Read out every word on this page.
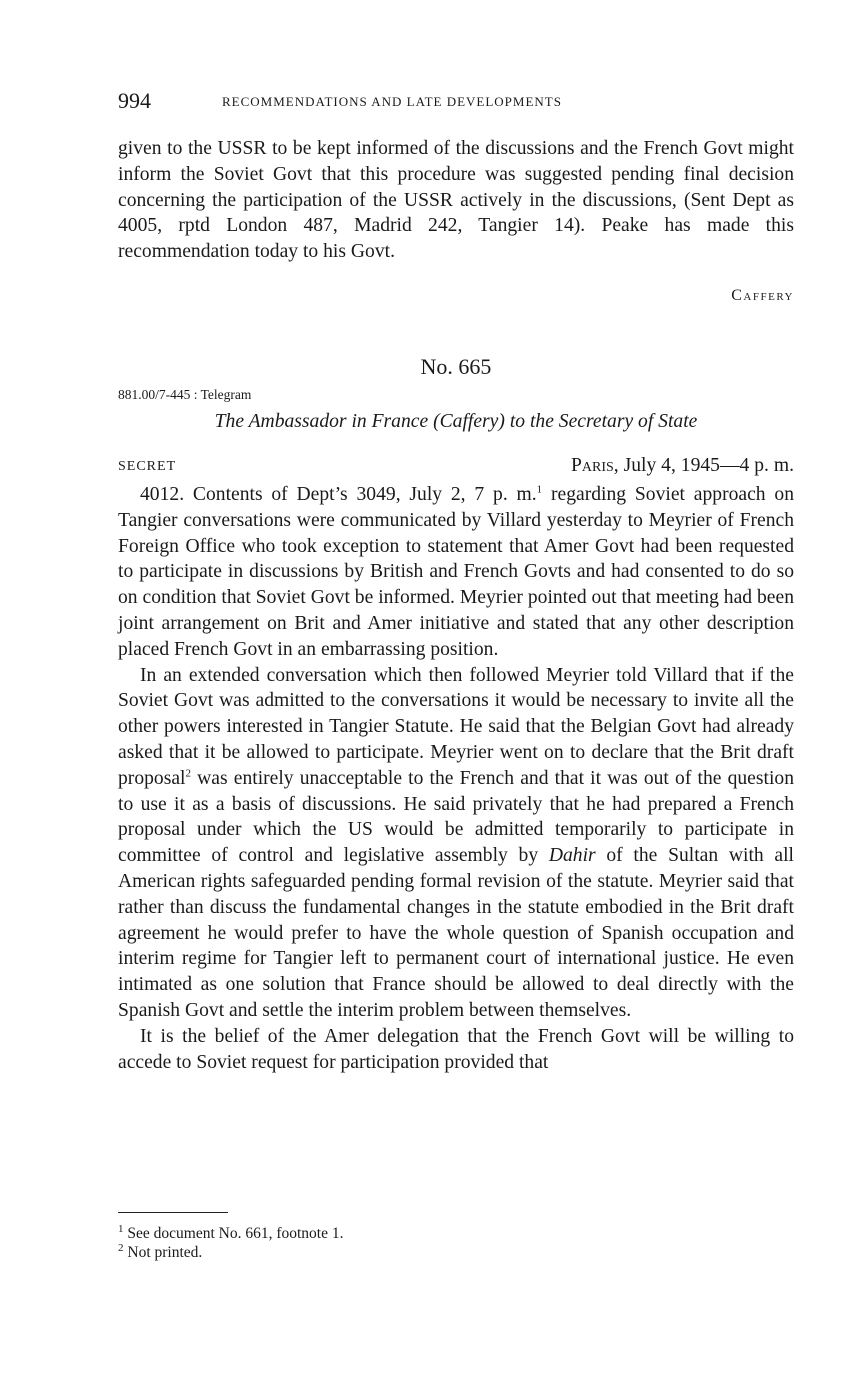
994	RECOMMENDATIONS AND LATE DEVELOPMENTS

given to the USSR to be kept informed of the discussions and the French Govt might inform the Soviet Govt that this procedure was suggested pending final decision concerning the participation of the USSR actively in the discussions, (Sent Dept as 4005, rptd London 487, Madrid 242, Tangier 14). Peake has made this recommendation today to his Govt.

Caffery
No. 665
881.00/7-445 : Telegram
The Ambassador in France (Caffery) to the Secretary of State
SECRET	Paris, July 4, 1945—4 p. m.

4012. Contents of Dept’s 3049, July 2, 7 p. m.$^1$ regarding Soviet approach on Tangier conversations were communicated by Villard yesterday to Meyrier of French Foreign Office who took exception to statement that Amer Govt had been requested to participate in discussions by British and French Govts and had consented to do so on condition that Soviet Govt be informed. Meyrier pointed out that meeting had been joint arrangement on Brit and Amer initiative and stated that any other description placed French Govt in an embarrassing position.

In an extended conversation which then followed Meyrier told Villard that if the Soviet Govt was admitted to the conversations it would be necessary to invite all the other powers interested in Tangier Statute. He said that the Belgian Govt had already asked that it be allowed to participate. Meyrier went on to declare that the Brit draft proposal$^2$ was entirely unacceptable to the French and that it was out of the question to use it as a basis of discussions. He said privately that he had prepared a French proposal under which the US would be admitted temporarily to participate in committee of control and legislative assembly by Dahir of the Sultan with all American rights safeguarded pending formal revision of the statute. Meyrier said that rather than discuss the fundamental changes in the statute embodied in the Brit draft agreement he would prefer to have the whole question of Spanish occupation and interim regime for Tangier left to permanent court of international justice. He even intimated as one solution that France should be allowed to deal directly with the Spanish Govt and settle the interim problem between themselves.

It is the belief of the Amer delegation that the French Govt will be willing to accede to Soviet request for participation provided that

$^1$ See document No. 661, footnote 1.

$^2$ Not printed.
